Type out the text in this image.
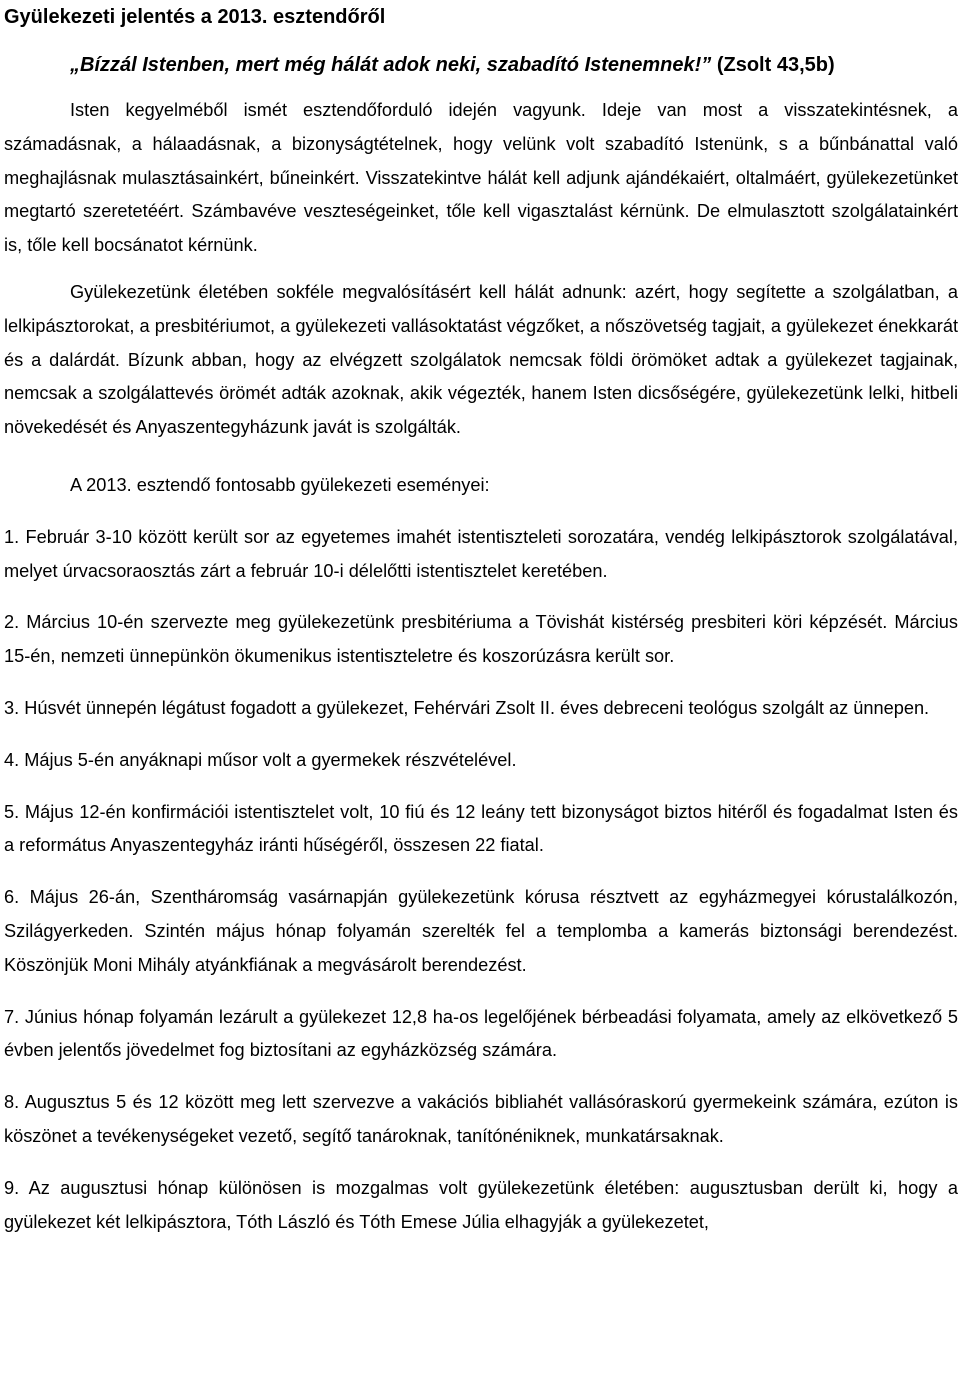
Gyülekezeti jelentés a 2013. esztendőről
„Bízzál Istenben, mert még hálát adok neki, szabadító Istenemnek!” (Zsolt 43,5b)

Isten kegyelméből ismét esztendőforduló idején vagyunk. Ideje van most a visszatekintésnek, a számadásnak, a hálaadásnak, a bizonyságtételnek, hogy velünk volt szabadító Istenünk, s a bűnbánattal való meghajlásnak mulasztásainkért, bűneinkért. Visszatekintve hálát kell adjunk ajándékaiért, oltalmáért, gyülekezetünket megtartó szeretetéért. Számbavéve veszteségeinket, tőle kell vigasztalást kérnünk. De elmulasztott szolgálatainkért is, tőle kell bocsánatot kérnünk.

Gyülekezetünk életében sokféle megvalósításért kell hálát adnunk: azért, hogy segítette a szolgálatban, a lelkipásztorokat, a presbitériumot, a gyülekezeti vallásoktatást végzőket, a nőszövetség tagjait, a gyülekezet énekkarát és a dalárdát. Bízunk abban, hogy az elvégzett szolgálatok nemcsak földi örömöket adtak a gyülekezet tagjainak, nemcsak a szolgálattevés örömét adták azoknak, akik végezték, hanem Isten dicsőségére, gyülekezetünk lelki, hitbeli növekedését és Anyaszentegyházunk javát is szolgálták.

A 2013. esztendő fontosabb gyülekezeti eseményei:

1. Február 3-10 között került sor az egyetemes imahét istentiszteleti sorozatára, vendég lelkipásztorok szolgálatával, melyet úrvacsoraosztás zárt a február 10-i délelőtti istentisztelet keretében.

2. Március 10-én szervezte meg gyülekezetünk presbitériuma a Tövishát kistérség presbiteri köri képzését. Március 15-én, nemzeti ünnepünkön ökumenikus istentiszteletre és koszorúzásra került sor.

3. Húsvét ünnepén légátust fogadott a gyülekezet, Fehérvári Zsolt II. éves debreceni teológus szolgált az ünnepen.

4. Május 5-én anyáknapi műsor volt a gyermekek részvételével.

5. Május 12-én konfirmációi istentisztelet volt, 10 fiú és 12 leány tett bizonyságot biztos hitéről és fogadalmat Isten és a református Anyaszentegyház iránti hűségéről, összesen 22 fiatal.

6. Május 26-án, Szentháromság vasárnapján gyülekezetünk kórusa résztvett az egyházmegyei kórustalálkozón, Szilágyerkeden. Szintén május hónap folyamán szerelték fel a templomba a kamerás biztonsági berendezést. Köszönjük Moni Mihály atyánkfiának a megvásárolt berendezést.

7. Június hónap folyamán lezárult a gyülekezet 12,8 ha-os legelőjének bérbeadási folyamata, amely az elkövetkező 5 évben jelentős jövedelmet fog biztosítani az egyházközség számára.

8. Augusztus 5 és 12 között meg lett szervezve a vakációs bibliahét vallásóraskorú gyermekeink számára, ezúton is köszönet a tevékenységeket vezető, segítő tanároknak, tanítónéniknek, munkatársaknak.

9. Az augusztusi hónap különösen is mozgalmas volt gyülekezetünk életében: augusztusban derült ki, hogy a gyülekezet két lelkipásztora, Tóth László és Tóth Emese Júlia elhagyják a gyülekezetet,
